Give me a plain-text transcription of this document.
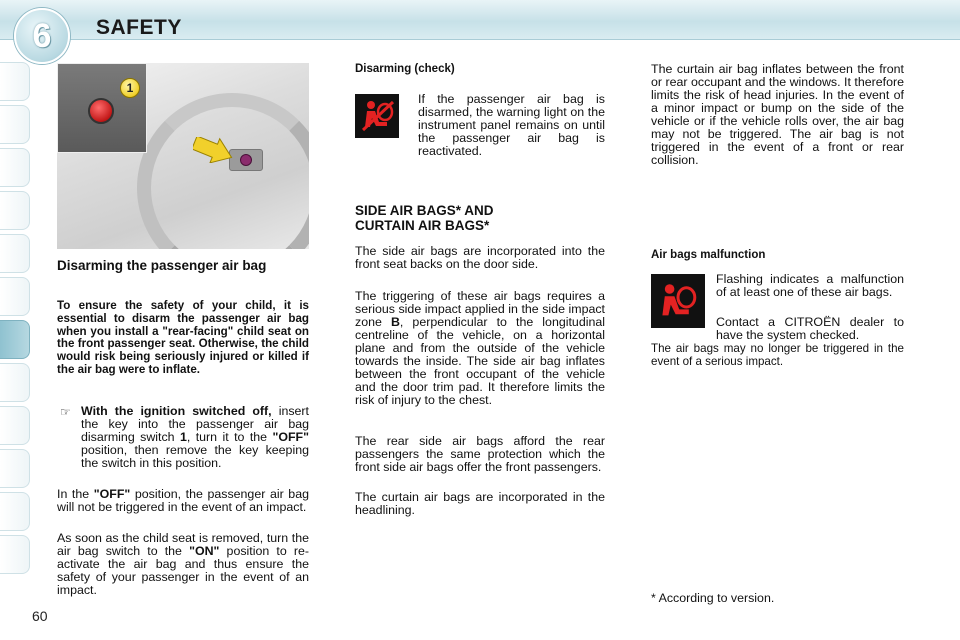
6	SAFETY
60
1
Disarming the passenger air bag
To ensure the safety of your child, it is essential to disarm the passenger air bag when you install a "rear-facing" child seat on the front passenger seat. Otherwise, the child would risk being seriously injured or killed if the air bag were to inflate.
☞ With the ignition switched off, insert the key into the passenger air bag disarming switch 1, turn it to the "OFF" position, then remove the key keeping the switch in this position.
In the "OFF" position, the passenger air bag will not be triggered in the event of an impact.
As soon as the child seat is removed, turn the air bag switch to the "ON" position to re-activate the air bag and thus ensure the safety of your passenger in the event of an impact.
Disarming (check)
If the passenger air bag is disarmed, the warning light on the instrument panel remains on until the passenger air bag is reactivated.
SIDE AIR BAGS* AND
CURTAIN AIR BAGS*
The side air bags are incorporated into the front seat backs on the door side.
The triggering of these air bags requires a serious side impact applied in the side impact zone B, perpendicular to the longitudinal centreline of the vehicle, on a horizontal plane and from the outside of the vehicle towards the inside. The side air bag inflates between the front occupant of the vehicle and the door trim pad. It therefore limits the risk of injury to the chest.
The rear side air bags afford the rear passengers the same protection which the front side air bags offer the front passengers.
The curtain air bags are incorporated in the headlining.
The curtain air bag inflates between the front or rear occupant and the windows. It therefore limits the risk of head injuries. In the event of a minor impact or bump on the side of the vehicle or if the vehicle rolls over, the air bag may not be triggered. The air bag is not triggered in the event of a front or rear collision.
Air bags malfunction
Flashing indicates a malfunction of at least one of these air bags.
Contact a CITROËN dealer to have the system checked.
The air bags may no longer be triggered in the event of a serious impact.
* According to version.
